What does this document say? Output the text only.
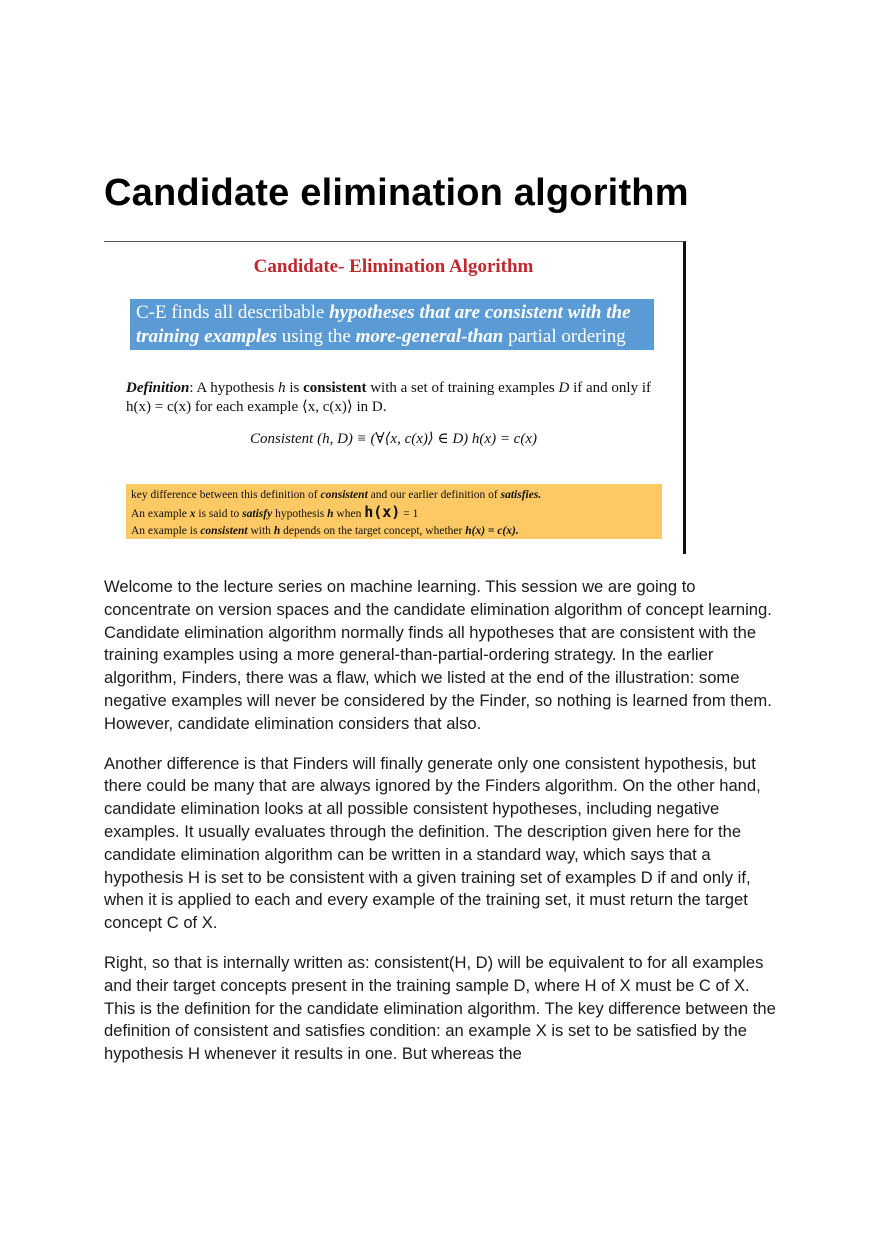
Candidate elimination algorithm
Candidate- Elimination Algorithm
C-E finds all describable hypotheses that are consistent with the training examples using the more-general-than partial ordering
Definition: A hypothesis h is consistent with a set of training examples D if and only if h(x) = c(x) for each example ⟨x, c(x)⟩ in D.
Consistent (h, D) ≡ (∀⟨x, c(x)⟩ ∈ D) h(x) = c(x)
key difference between this definition of consistent and our earlier definition of satisfies.
An example x is said to satisfy hypothesis h when h(x) = 1
An example is consistent with h depends on the target concept, whether h(x) = c(x).

Welcome to the lecture series on machine learning. This session we are going to concentrate on version spaces and the candidate elimination algorithm of concept learning. Candidate elimination algorithm normally finds all hypotheses that are consistent with the training examples using a more general-than-partial-ordering strategy. In the earlier algorithm, Finders, there was a flaw, which we listed at the end of the illustration: some negative examples will never be considered by the Finder, so nothing is learned from them. However, candidate elimination considers that also.

Another difference is that Finders will finally generate only one consistent hypothesis, but there could be many that are always ignored by the Finders algorithm. On the other hand, candidate elimination looks at all possible consistent hypotheses, including negative examples. It usually evaluates through the definition. The description given here for the candidate elimination algorithm can be written in a standard way, which says that a hypothesis H is set to be consistent with a given training set of examples D if and only if, when it is applied to each and every example of the training set, it must return the target concept C of X.

Right, so that is internally written as: consistent(H, D) will be equivalent to for all examples and their target concepts present in the training sample D, where H of X must be C of X. This is the definition for the candidate elimination algorithm. The key difference between the definition of consistent and satisfies condition: an example X is set to be satisfied by the hypothesis H whenever it results in one. But whereas the
